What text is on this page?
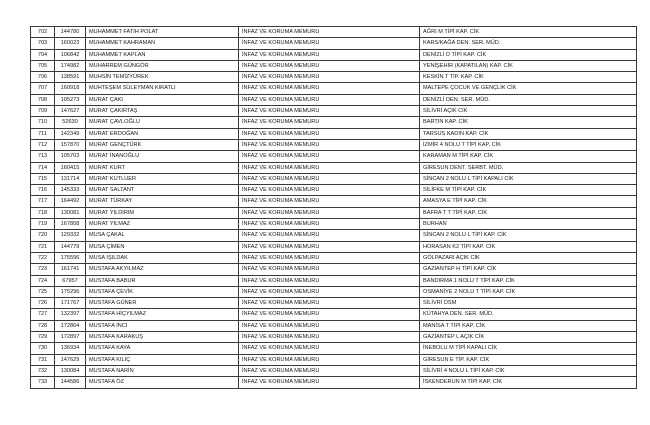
702	144780	MUHAMMET FATİH POLAT	İNFAZ VE KORUMA MEMURU	AĞRI M TİPİ KAP. CİK
703	160023	MUHAMMET KAHRAMAN	İNFAZ VE KORUMA MEMURU	KARS/KAĞA DEN. SER. MÜD.
704	106842	MUHAMMET KAPLAN	İNFAZ VE KORUMA MEMURU	DENİZLİ D TİPİ KAP. CİK
705	174982	MUHARREM GÜNGÖR	İNFAZ VE KORUMA MEMURU	YENİŞEHİR (KAPATILAN) KAP. CİK
706	138591	MUHSİN TEMİZYÜREK	İNFAZ VE KORUMA MEMURU	KESKİN T TİP. KAP. CİK
707	160918	MUHTEŞEM SÜLEYMAN KIRATLI	İNFAZ VE KORUMA MEMURU	MALTEPE ÇOCUK VE GENÇLİK CİK
708	105273	MURAT ÇAKI	İNFAZ VE KORUMA MEMURU	DENİZLİ DEN. SER. MÜD.
709	147627	MURAT ÇAKIRTAŞ	İNFAZ VE KORUMA MEMURU	SİLİVRİ AÇIK CİK
710	52630	MURAT ÇAVLOĞLU	İNFAZ VE KORUMA MEMURU	BARTIN KAP. CİK
711	142349	MURAT ERDOĞAN	İNFAZ VE KORUMA MEMURU	TARSUS KADIN KAP. CİK
712	157870	MURAT GENÇTÜRK	İNFAZ VE KORUMA MEMURU	İZMİR 4 NOLU T TİPİ KAP. CİK
713	105703	MURAT İNANOĞLU	İNFAZ VE KORUMA MEMURU	KARAMAN M TİPİ KAP. CİK
714	160415	MURAT KURT	İNFAZ VE KORUMA MEMURU	GİRESUN DENT. SERBT. MÜD.
715	131714	MURAT KUTLUER	İNFAZ VE KORUMA MEMURU	SİNCAN 2 NOLU L TİPİ KAPALI CİK
716	145333	MURAT SALTANT	İNFAZ VE KORUMA MEMURU	SİLİFKE M TİPİ KAP. CİK
717	164492	MURAT TÜRKAY	İNFAZ VE KORUMA MEMURU	AMASYA E TİPİ KAP. CİK
718	130081	MURAT YILDIRIM	İNFAZ VE KORUMA MEMURU	BAFRA T T TİPİ KAP. CİK
719	167808	MURAT YILMAZ	İNFAZ VE KORUMA MEMURU	BURHAN
720	129332	MUSA ÇAKAL	İNFAZ VE KORUMA MEMURU	SİNCAN 2 NOLU L TİPİ KAP. CİK
721	144779	MUSA ÇİMEN	İNFAZ VE KORUMA MEMURU	HORASAN K2 TİPİ KAP. CİK
722	175596	MUSA IŞILDAK	İNFAZ VE KORUMA MEMURU	GÖLPAZARI AÇIK CİK
723	161741	MUSTAFA AKYILMAZ	İNFAZ VE KORUMA MEMURU	GAZİANTEP H TİPİ KAP. CİK
724	67957	MUSTAFA BABUR	İNFAZ VE KORUMA MEMURU	BANDIRMA 1 NOLU T TİPİ KAP. CİK
725	175296	MUSTAFA ÇEVİK	İNFAZ VE KORUMA MEMURU	OSMANİYE 2 NOLU T TİPİ KAP. CİK
726	171767	MUSTAFA GÜNER	İNFAZ VE KORUMA MEMURU	SİLİVRİ DSM
727	132397	MUSTAFA HİÇYILMAZ	İNFAZ VE KORUMA MEMURU	KÜTAHYA DEN. SER. MÜD.
728	172864	MUSTAFA İNCİ	İNFAZ VE KORUMA MEMURU	MANİSA T TİPİ KAP. CİK
729	172897	MUSTAFA KARAKUŞ	İNFAZ VE KORUMA MEMURU	GAZİANTEP L AÇIK CİK
730	136934	MUSTAFA KAYA	İNFAZ VE KORUMA MEMURU	İNEBOLU M TİPİ KAPALI CİK
731	147629	MUSTAFA KILIÇ	İNFAZ VE KORUMA MEMURU	GİRESUN E TİP. KAP. CİK
732	130084	MUSTAFA NARİN	İNFAZ VE KORUMA MEMURU	SİLİVRİ 4 NOLU L TİPİ KAP. CİK
733	144586	MUSTAFA ÖZ	İNFAZ VE KORUMA MEMURU	İSKENDERUN M TİPİ KAP. CİK
